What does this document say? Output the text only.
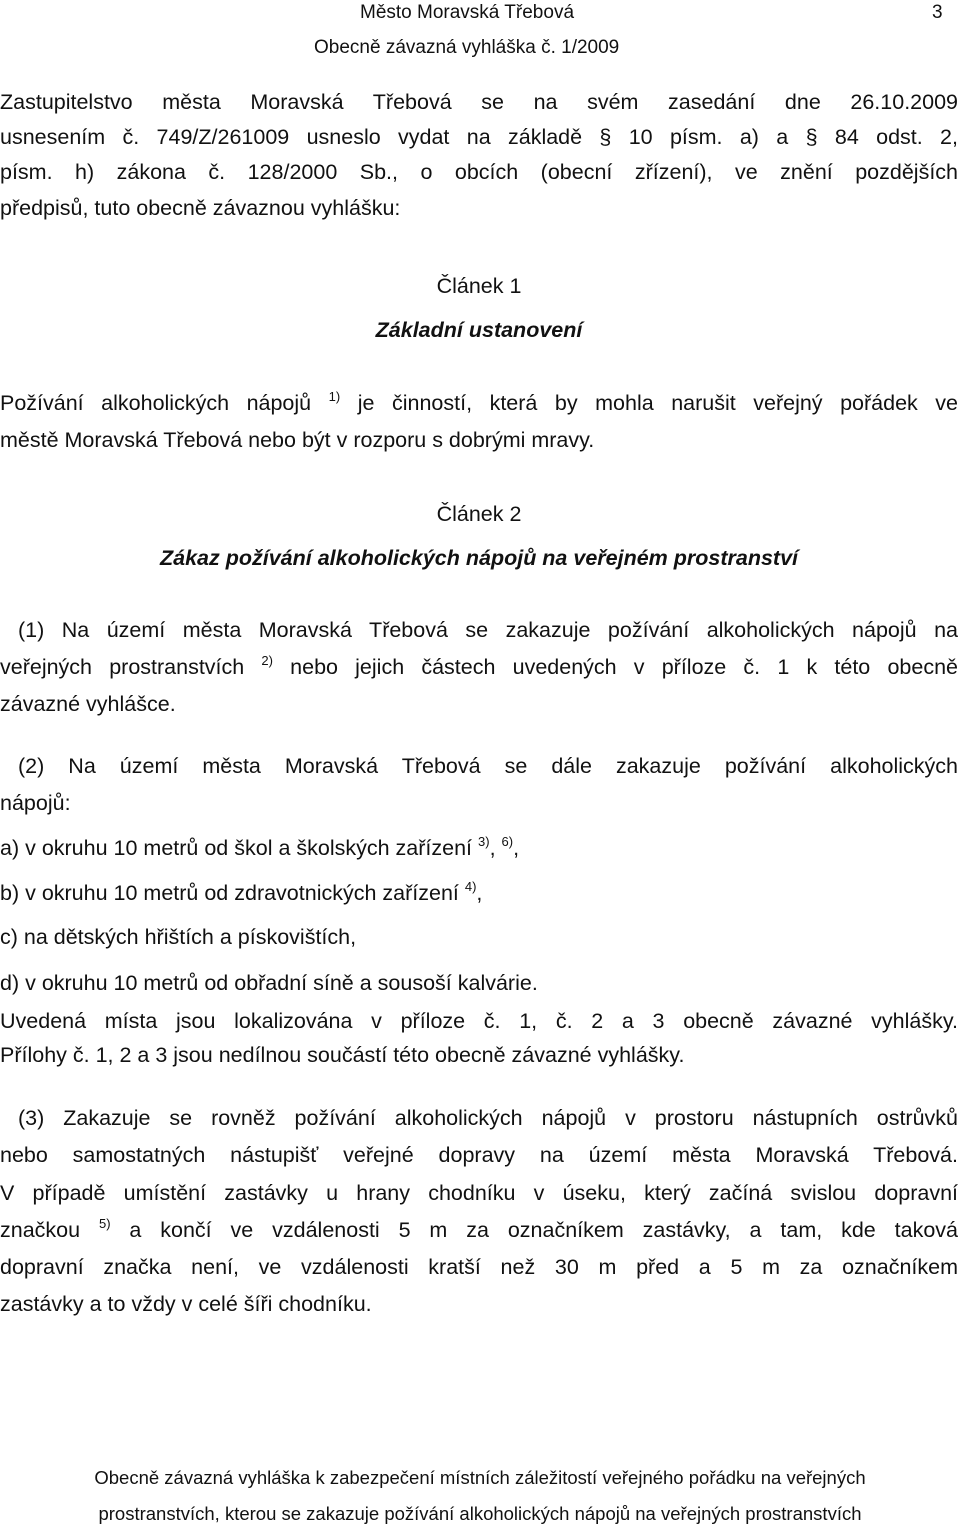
Město Moravská Třebová	3
Obecně závazná vyhláška č. 1/2009
Zastupitelstvo města Moravská Třebová se na svém zasedání dne 26.10.2009
usnesením č. 749/Z/261009 usneslo vydat na základě § 10 písm. a) a § 84 odst. 2,
písm. h) zákona č. 128/2000 Sb., o obcích (obecní zřízení), ve znění pozdějších
předpisů, tuto obecně závaznou vyhlášku:
Článek 1
Základní ustanovení
Požívání alkoholických nápojů $^{1)}$ je činností, která by mohla narušit veřejný pořádek ve
městě Moravská Třebová nebo být v rozporu s dobrými mravy.
Článek 2
Zákaz požívání alkoholických nápojů na veřejném prostranství
(1) Na území města Moravská Třebová se zakazuje požívání alkoholických nápojů na
veřejných prostranstvích $^{2)}$ nebo jejich částech uvedených v příloze č. 1 k této obecně
závazné vyhlášce.
(2) Na území města Moravská Třebová se dále zakazuje požívání alkoholických
nápojů:
a) v okruhu 10 metrů od škol a školských zařízení $^{3)}$, $^{6)}$,
b) v okruhu 10 metrů od zdravotnických zařízení $^{4)}$,
c) na dětských hřištích a pískovištích,
d) v okruhu 10 metrů od obřadní síně a sousoší kalvárie.
Uvedená místa jsou lokalizována v příloze č. 1, č. 2 a 3 obecně závazné vyhlášky.
Přílohy č. 1, 2 a 3 jsou nedílnou součástí této obecně závazné vyhlášky.
(3) Zakazuje se rovněž požívání alkoholických nápojů v prostoru nástupních ostrůvků
nebo samostatných nástupišť veřejné dopravy na území města Moravská Třebová.
V případě umístění zastávky u hrany chodníku v úseku, který začíná svislou dopravní
značkou $^{5)}$ a končí ve vzdálenosti 5 m za označníkem zastávky, a tam, kde taková
dopravní značka není, ve vzdálenosti kratší než 30 m před a 5 m za označníkem
zastávky a to vždy v celé šíři chodníku.
Obecně závazná vyhláška k zabezpečení místních záležitostí veřejného pořádku na veřejných
prostranstvích, kterou se zakazuje požívání alkoholických nápojů na veřejných prostranstvích
